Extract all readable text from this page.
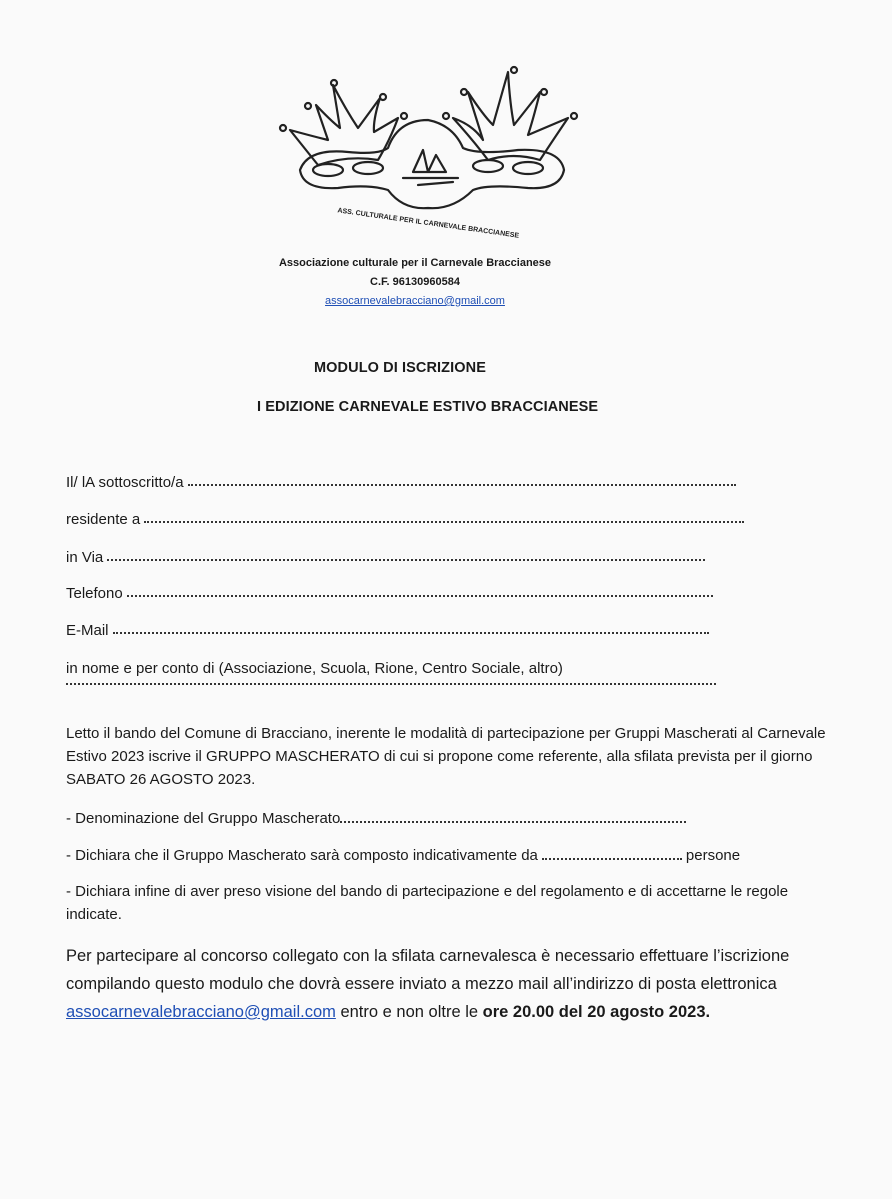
ASS. CULTURALE PER IL CARNEVALE BRACCIANESE
Associazione culturale per il Carnevale Braccianese
C.F. 96130960584
assocarnevalebracciano@gmail.com
MODULO DI ISCRIZIONE
I EDIZIONE CARNEVALE ESTIVO BRACCIANESE
Il/ lA sottoscritto/a
residente a
in Via
Telefono
E-Mail
in nome e per conto di (Associazione, Scuola, Rione, Centro Sociale, altro)
Letto il bando del Comune di Bracciano, inerente le modalità di partecipazione per Gruppi Mascherati al Carnevale Estivo 2023 iscrive il GRUPPO MASCHERATO di cui si propone come referente, alla sfilata prevista per il giorno SABATO 26 AGOSTO 2023.
- Denominazione del Gruppo Mascherato
- Dichiara che il Gruppo Mascherato sarà composto indicativamente da	persone
- Dichiara infine di aver preso visione del bando di partecipazione e del regolamento e di accettarne le regole indicate.
Per partecipare al concorso collegato con la sfilata carnevalesca è necessario effettuare l’iscrizione compilando questo modulo che dovrà essere inviato a mezzo mail all’indirizzo di posta elettronica assocarnevalebracciano@gmail.com entro e non oltre le ore 20.00 del 20 agosto 2023.
